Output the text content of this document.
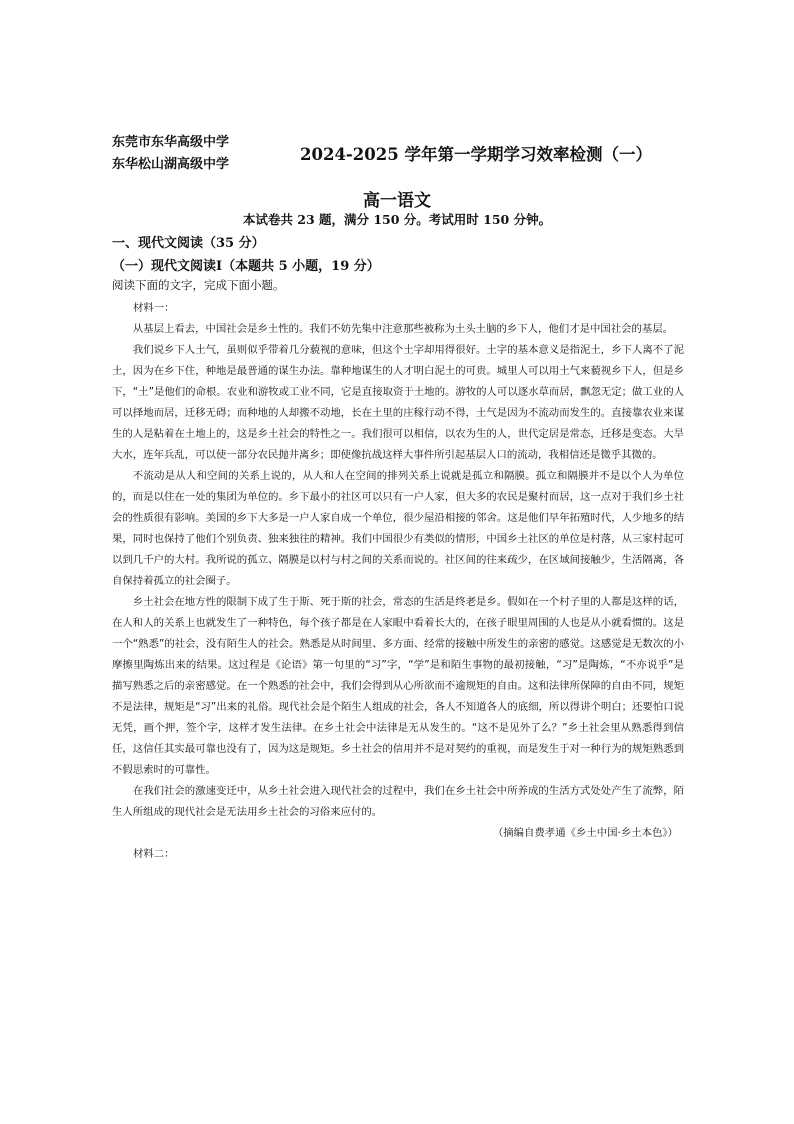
东莞市东华高级中学
东华松山湖高级中学
2024-2025 学年第一学期学习效率检测（一）
高一语文
本试卷共 23 题，满分 150 分。考试用时 150 分钟。
一、现代文阅读（35 分）
（一）现代文阅读Ⅰ（本题共 5 小题，19 分）
阅读下面的文字，完成下面小题。
材料一：

从基层上看去，中国社会是乡土性的。我们不妨先集中注意那些被称为土头土脑的乡下人，他们才是中国社会的基层。

我们说乡下人土气，虽则似乎带着几分藐视的意味，但这个土字却用得很好。土字的基本意义是指泥土，乡下人离不了泥土，因为在乡下住，种地是最普通的谋生办法。靠种地谋生的人才明白泥土的可贵。城里人可以用土气来藐视乡下人，但是乡下，“土”是他们的命根。农业和游牧或工业不同，它是直接取资于土地的。游牧的人可以逐水草而居，飘忽无定；做工业的人可以择地而居，迁移无碍；而种地的人却搬不动地，长在土里的庄稼行动不得，土气是因为不流动而发生的。直接靠农业来谋生的人是粘着在土地上的，这是乡土社会的特性之一。我们很可以相信，以农为生的人，世代定居是常态，迁移是变态。大旱大水，连年兵乱，可以使一部分农民抛井离乡；即使像抗战这样大事件所引起基层人口的流动，我相信还是微乎其微的。

不流动是从人和空间的关系上说的，从人和人在空间的排列关系上说就是孤立和隔膜。孤立和隔膜并不是以个人为单位的，而是以住在一处的集团为单位的。乡下最小的社区可以只有一户人家，但大多的农民是聚村而居，这一点对于我们乡土社会的性质很有影响。美国的乡下大多是一户人家自成一个单位，很少屋沿相接的邻舍。这是他们早年拓殖时代，人少地多的结果，同时也保持了他们个别负责、独来独往的精神。我们中国很少有类似的情形，中国乡土社区的单位是村落，从三家村起可以到几千户的大村。我所说的孤立、隔膜是以村与村之间的关系而说的。社区间的往来疏少，在区域间接触少，生活隔离，各自保持着孤立的社会圈子。

乡土社会在地方性的限制下成了生于斯、死于斯的社会，常态的生活是终老是乡。假如在一个村子里的人都是这样的话，在人和人的关系上也就发生了一种特色，每个孩子都是在人家眼中看着长大的，在孩子眼里周围的人也是从小就看惯的。这是一个“熟悉”的社会，没有陌生人的社会。熟悉是从时间里、多方面、经常的接触中所发生的亲密的感觉。这感觉是无数次的小摩擦里陶炼出来的结果。这过程是《论语》第一句里的“习”字，“学”是和陌生事物的最初接触，“习”是陶炼，“不亦说乎”是描写熟悉之后的亲密感觉。在一个熟悉的社会中，我们会得到从心所欲而不逾规矩的自由。这和法律所保障的自由不同，规矩不是法律，规矩是“习”出来的礼俗。现代社会是个陌生人组成的社会，各人不知道各人的底细，所以得讲个明白；还要怕口说无凭，画个押，签个字，这样才发生法律。在乡土社会中法律是无从发生的。“这不是见外了么？”乡土社会里从熟悉得到信任，这信任其实最可靠也没有了，因为这是规矩。乡土社会的信用并不是对契约的重视，而是发生于对一种行为的规矩熟悉到不假思索时的可靠性。

在我们社会的激速变迁中，从乡土社会进入现代社会的过程中，我们在乡土社会中所养成的生活方式处处产生了流弊，陌生人所组成的现代社会是无法用乡土社会的习俗来应付的。

（摘编自费孝通《乡土中国·乡土本色》）
材料二：
